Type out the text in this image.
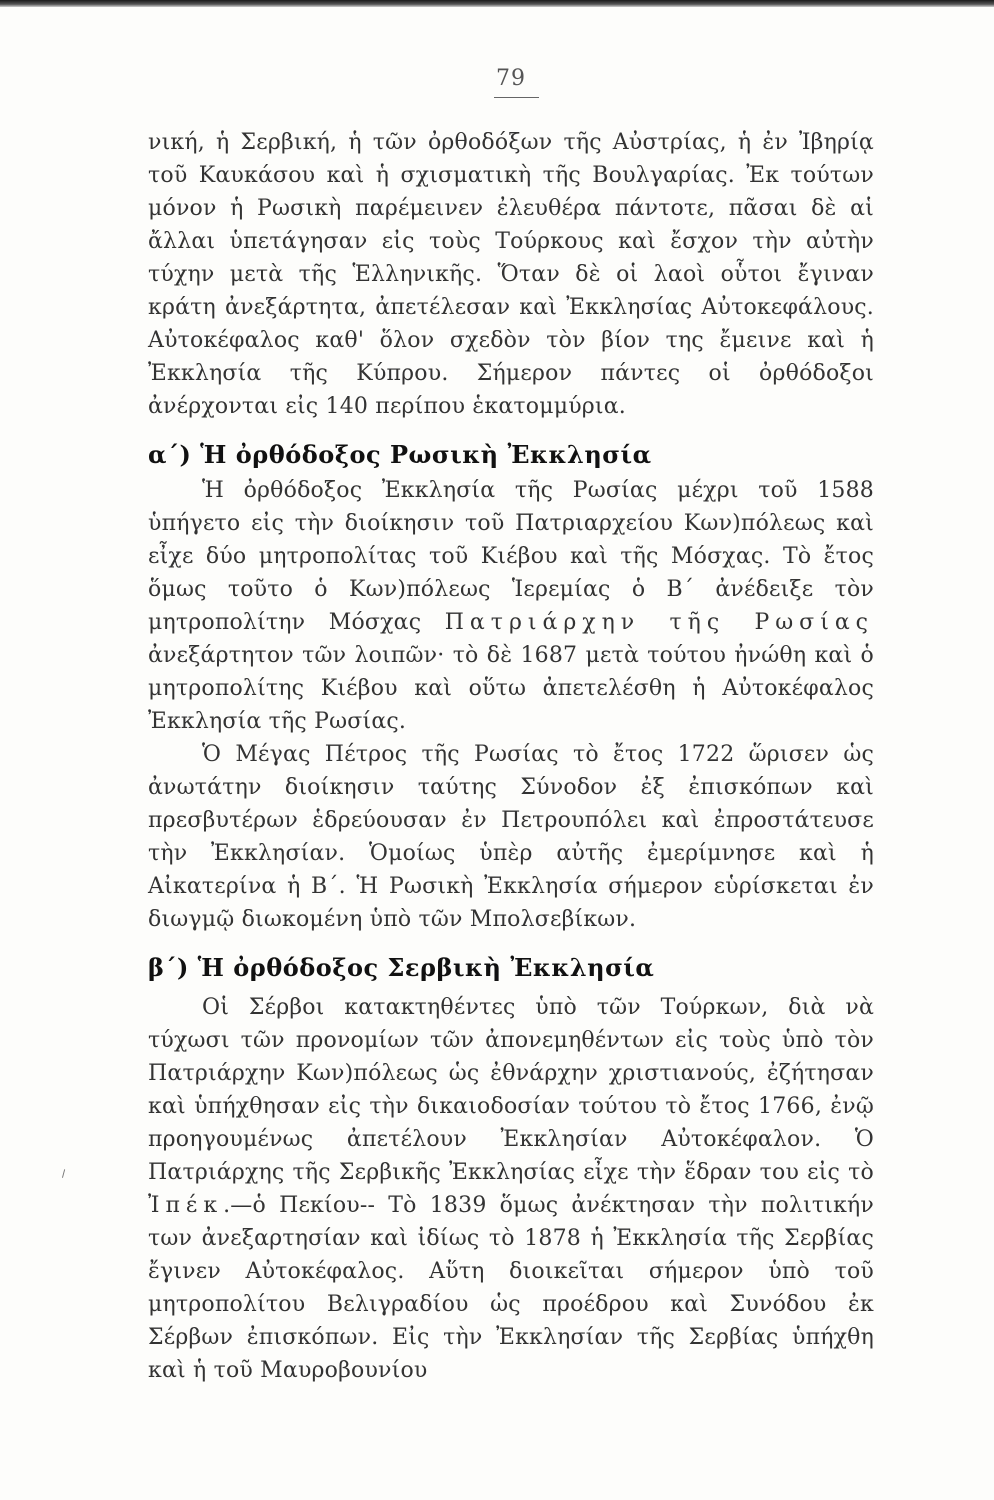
79

νική, ἡ Σερβική, ἡ τῶν ὀρθοδόξων τῆς Αὐστρίας, ἡ ἐν Ἰβηρίᾳ τοῦ Καυκάσου καὶ ἡ σχισματικὴ τῆς Βουλγαρίας. Ἐκ τούτων μόνον ἡ Ρωσικὴ παρέμεινεν ἐλευθέρα πάντοτε, πᾶσαι δὲ αἱ ἄλλαι ὑπετάγησαν εἰς τοὺς Τούρκους καὶ ἔσχον τὴν αὐτὴν τύχην μετὰ τῆς Ἑλληνικῆς. Ὅταν δὲ οἱ λαοὶ οὗτοι ἔγιναν κράτη ἀνεξάρτητα, ἀπετέλεσαν καὶ Ἐκκλησίας Αὐτοκεφάλους. Αὐτοκέφαλος καθ' ὅλον σχεδὸν τὸν βίον της ἔμεινε καὶ ἡ Ἐκκλησία τῆς Κύπρου. Σήμερον πάντες οἱ ὀρθόδοξοι ἀνέρχονται εἰς 140 περίπου ἑκατομμύρια.

α΄) Ἡ ὀρθόδοξος Ρωσικὴ Ἐκκλησία

Ἡ ὀρθόδοξος Ἐκκλησία τῆς Ρωσίας μέχρι τοῦ 1588 ὑπήγετο εἰς τὴν διοίκησιν τοῦ Πατριαρχείου Κων)πόλεως καὶ εἶχε δύο μητροπολίτας τοῦ Κιέβου καὶ τῆς Μόσχας. Τὸ ἔτος ὅμως τοῦτο ὁ Κων)πόλεως Ἱερεμίας ὁ Β΄ ἀνέδειξε τὸν μητροπολίτην Μόσχας Πατριάρχην τῆς Ρωσίας ἀνεξάρτητον τῶν λοιπῶν· τὸ δὲ 1687 μετὰ τούτου ἠνώθη καὶ ὁ μητροπολίτης Κιέβου καὶ οὕτω ἀπετελέσθη ἡ Αὐτοκέφαλος Ἐκκλησία τῆς Ρωσίας.

Ὁ Μέγας Πέτρος τῆς Ρωσίας τὸ ἔτος 1722 ὥρισεν ὡς ἀνωτάτην διοίκησιν ταύτης Σύνοδον ἐξ ἐπισκόπων καὶ πρεσβυτέρων ἑδρεύουσαν ἐν Πετρουπόλει καὶ ἐπροστάτευσε τὴν Ἐκκλησίαν. Ὁμοίως ὑπὲρ αὐτῆς ἐμερίμνησε καὶ ἡ Αἰκατερίνα ἡ Β΄. Ἡ Ρωσικὴ Ἐκκλησία σήμερον εὑρίσκεται ἐν διωγμῷ διωκομένη ὑπὸ τῶν Μπολσεβίκων.

β΄) Ἡ ὀρθόδοξος Σερβικὴ Ἐκκλησία

Οἱ Σέρβοι κατακτηθέντες ὑπὸ τῶν Τούρκων, διὰ νὰ τύχωσι τῶν προνομίων τῶν ἀπονεμηθέντων εἰς τοὺς ὑπὸ τὸν Πατριάρχην Κων)πόλεως ὡς ἐθνάρχην χριστιανούς, ἐζήτησαν καὶ ὑπήχθησαν εἰς τὴν δικαιοδοσίαν τούτου τὸ ἔτος 1766, ἐνῷ προηγουμένως ἀπετέλουν Ἐκκλησίαν Αὐτοκέφαλον. Ὁ Πατριάρχης τῆς Σερβικῆς Ἐκκλησίας εἶχε τὴν ἕδραν του εἰς τὸ Ἰπέκ.—ὁ Πεκίου-- Τὸ 1839 ὅμως ἀνέκτησαν τὴν πολιτικήν των ἀνεξαρτησίαν καὶ ἰδίως τὸ 1878 ἡ Ἐκκλησία τῆς Σερβίας ἔγινεν Αὐτοκέφαλος. Αὕτη διοικεῖται σήμερον ὑπὸ τοῦ μητροπολίτου Βελιγραδίου ὡς προέδρου καὶ Συνόδου ἐκ Σέρβων ἐπισκόπων. Εἰς τὴν Ἐκκλησίαν τῆς Σερβίας ὑπήχθη καὶ ἡ τοῦ Μαυροβουνίου

⸝
